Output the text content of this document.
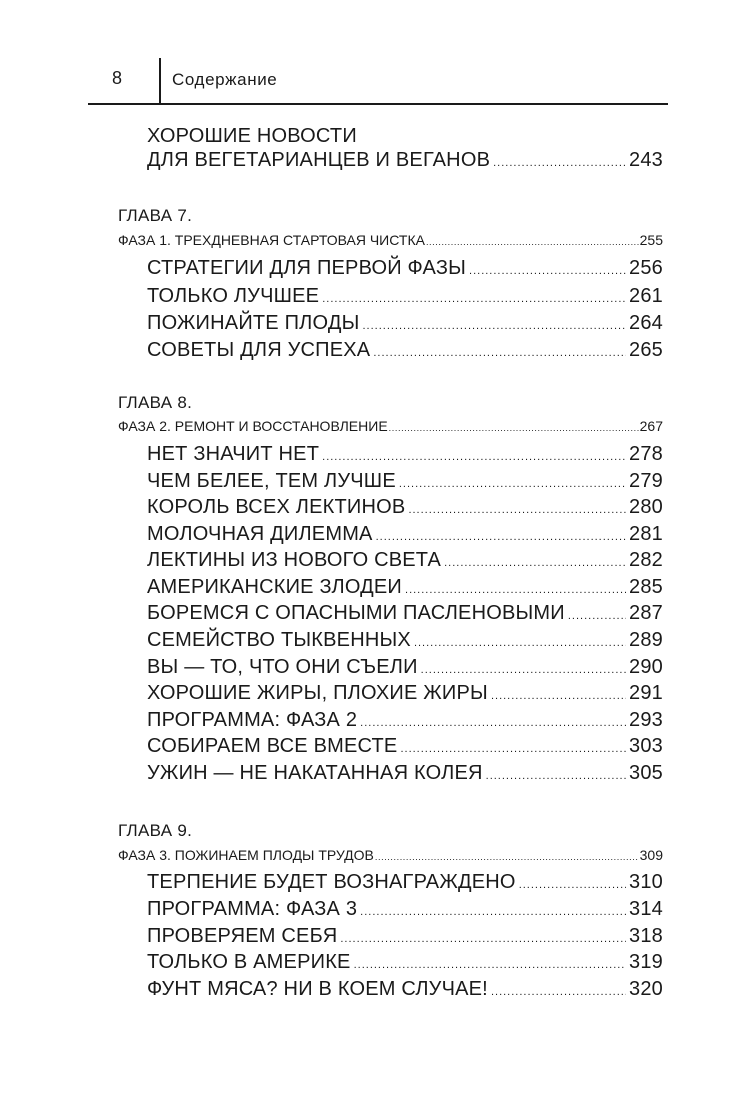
8	Содержание
ХОРОШИЕ НОВОСТИ
ДЛЯ ВЕГЕТАРИАНЦЕВ И ВЕГАНОВ .....	243
ГЛАВА 7.
ФАЗА 1. ТРЕХДНЕВНАЯ СТАРТОВАЯ ЧИСТКА .....	255
СТРАТЕГИИ ДЛЯ ПЕРВОЙ ФАЗЫ .....	256
ТОЛЬКО ЛУЧШЕЕ .....	261
ПОЖИНАЙТЕ ПЛОДЫ .....	264
СОВЕТЫ ДЛЯ УСПЕХА .....	265
ГЛАВА 8.
ФАЗА 2. РЕМОНТ И ВОССТАНОВЛЕНИЕ .....	267
НЕТ ЗНАЧИТ НЕТ .....	278
ЧЕМ БЕЛЕЕ, ТЕМ ЛУЧШЕ .....	279
КОРОЛЬ ВСЕХ ЛЕКТИНОВ .....	280
МОЛОЧНАЯ ДИЛЕММА .....	281
ЛЕКТИНЫ ИЗ НОВОГО СВЕТА .....	282
АМЕРИКАНСКИЕ ЗЛОДЕИ .....	285
БОРЕМСЯ С ОПАСНЫМИ ПАСЛЕНОВЫМИ .....	287
СЕМЕЙСТВО ТЫКВЕННЫХ .....	289
ВЫ — ТО, ЧТО ОНИ СЪЕЛИ .....	290
ХОРОШИЕ ЖИРЫ, ПЛОХИЕ ЖИРЫ .....	291
ПРОГРАММА: ФАЗА 2 .....	293
СОБИРАЕМ ВСЕ ВМЕСТЕ .....	303
УЖИН — НЕ НАКАТАННАЯ КОЛЕЯ .....	305
ГЛАВА 9.
ФАЗА 3. ПОЖИНАЕМ ПЛОДЫ ТРУДОВ .....	309
ТЕРПЕНИЕ БУДЕТ ВОЗНАГРАЖДЕНО .....	310
ПРОГРАММА: ФАЗА 3 .....	314
ПРОВЕРЯЕМ СЕБЯ .....	318
ТОЛЬКО В АМЕРИКЕ .....	319
ФУНТ МЯСА? НИ В КОЕМ СЛУЧАЕ! .....	320
